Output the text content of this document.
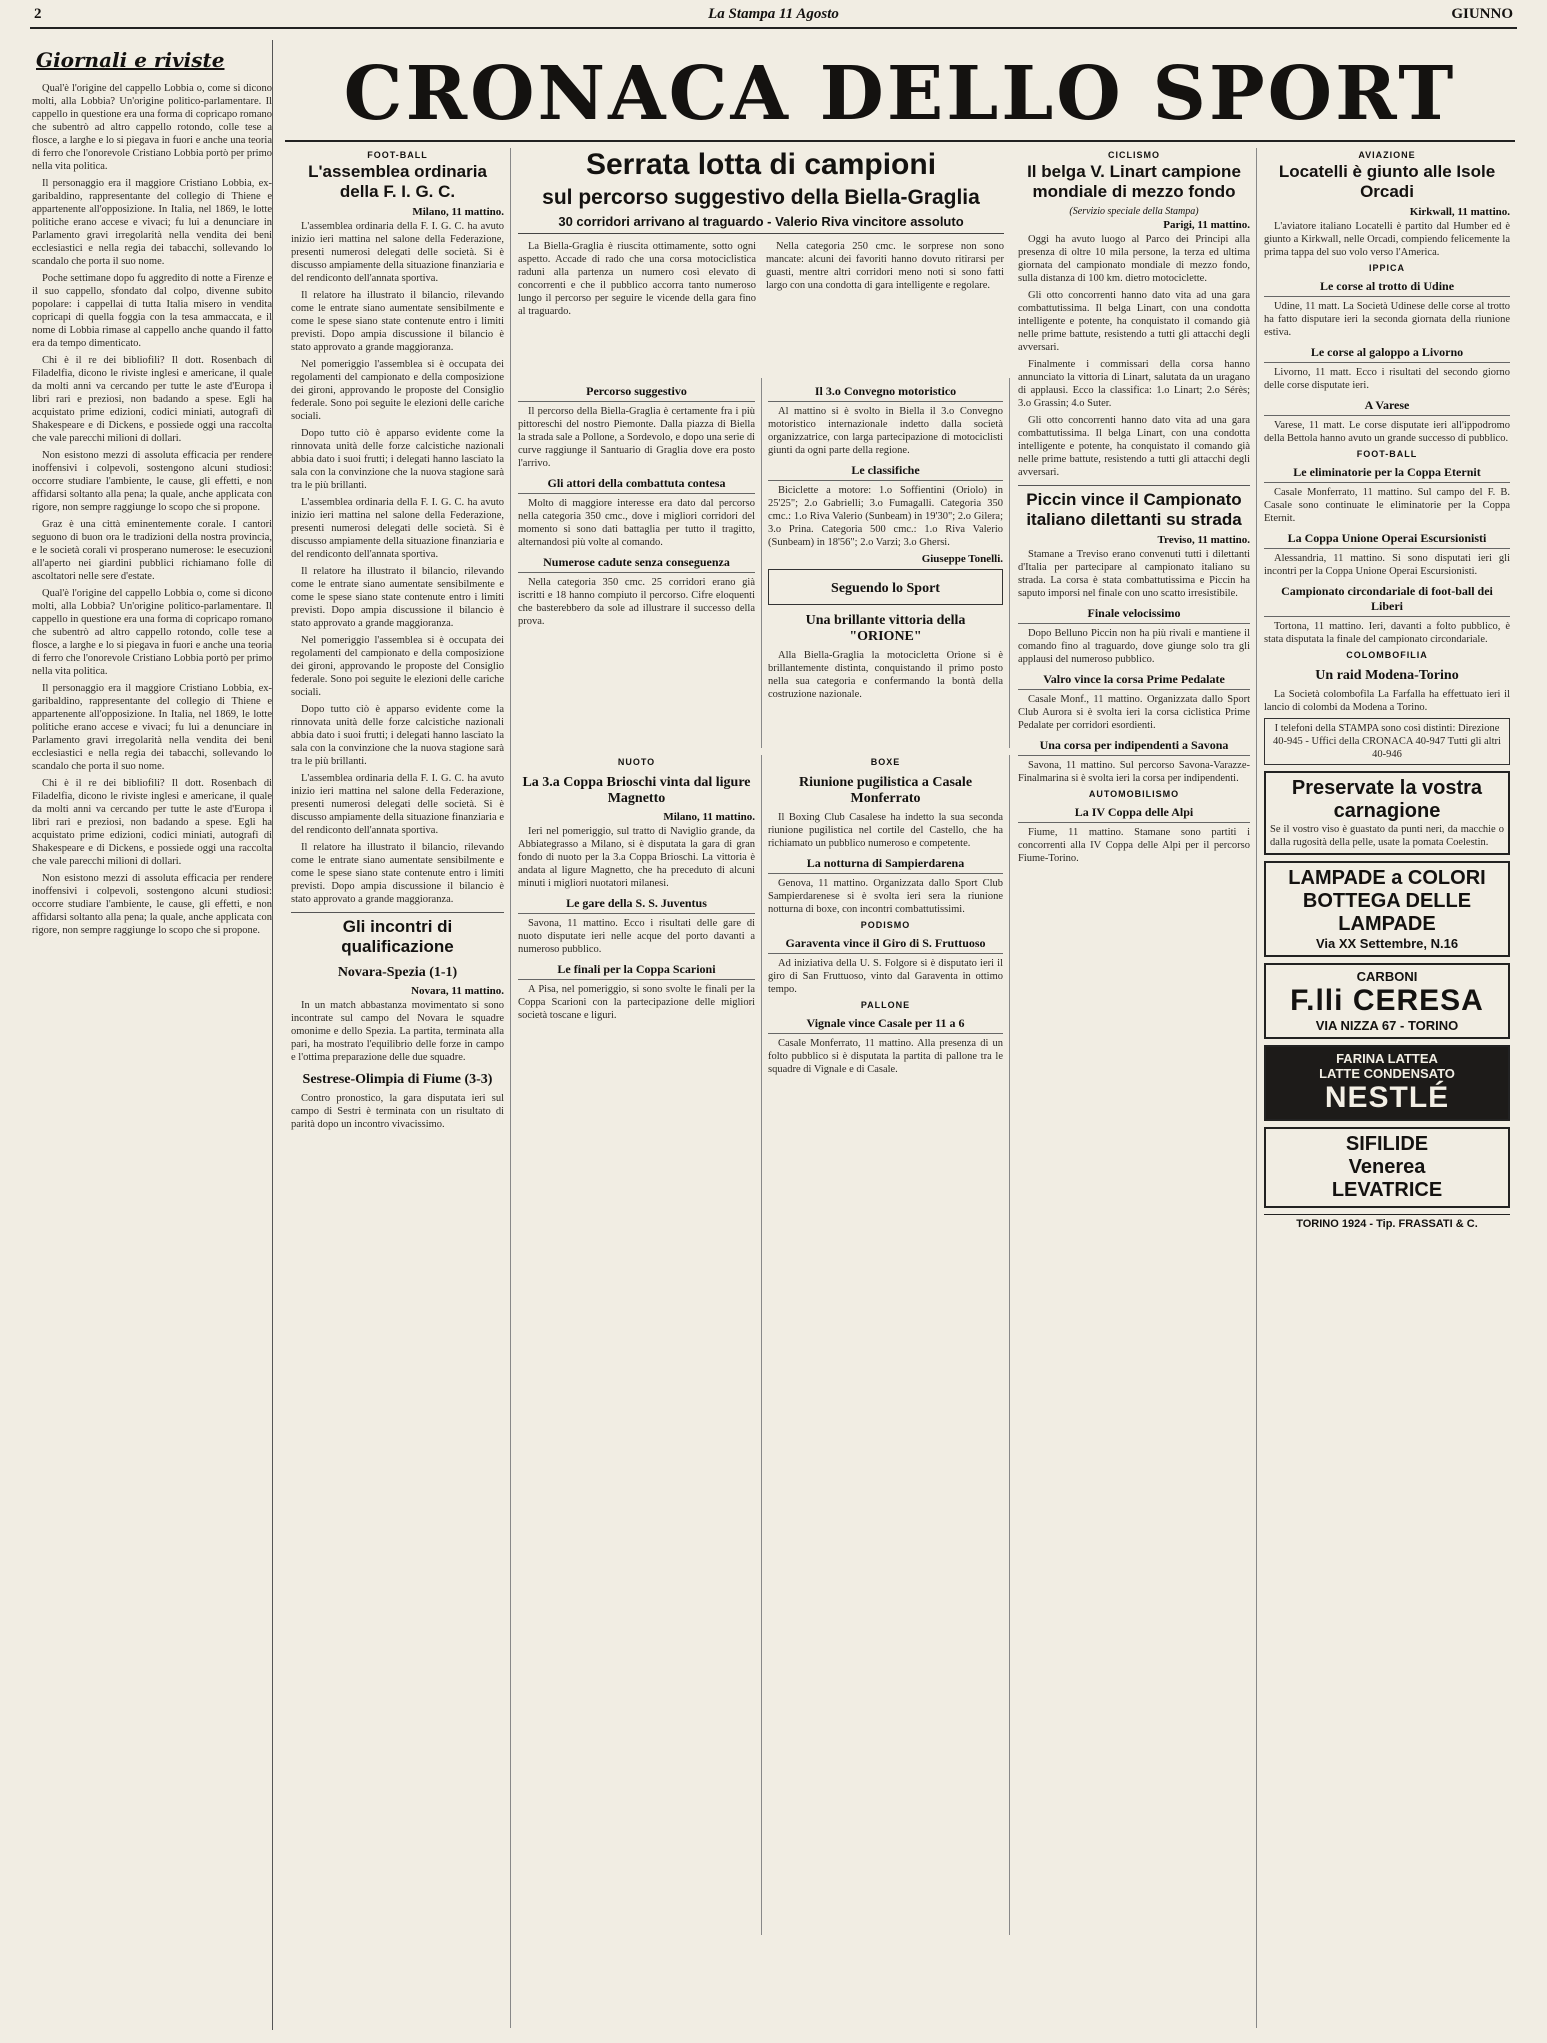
2	La Stampa 11 Agosto	GIUNNO
Giornali e riviste

Qual'è l'origine del cappello Lobbia o, come si dicono molti, alla Lobbia? Un'origine politico-parlamentare. Il cappello in questione era una forma di copricapo romano che subentrò ad altro cappello rotondo, colle tese a flosce, a larghe e lo si piegava in fuori e anche una teoria di ferro che l'onorevole Cristiano Lobbia portò per primo nella vita politica.

Il personaggio era il maggiore Cristiano Lobbia, ex-garibaldino, rappresentante del collegio di Thiene e appartenente all'opposizione. In Italia, nel 1869, le lotte politiche erano accese e vivaci; fu lui a denunciare in Parlamento gravi irregolarità nella vendita dei beni ecclesiastici e nella regìa dei tabacchi, sollevando lo scandalo che porta il suo nome.

Poche settimane dopo fu aggredito di notte a Firenze e il suo cappello, sfondato dal colpo, divenne subito popolare: i cappellai di tutta Italia misero in vendita copricapi di quella foggia con la tesa ammaccata, e il nome di Lobbia rimase al cappello anche quando il fatto era da tempo dimenticato.

Chi è il re dei bibliofili? Il dott. Rosenbach di Filadelfia, dicono le riviste inglesi e americane, il quale da molti anni va cercando per tutte le aste d'Europa i libri rari e preziosi, non badando a spese. Egli ha acquistato prime edizioni, codici miniati, autografi di Shakespeare e di Dickens, e possiede oggi una raccolta che vale parecchi milioni di dollari.

Non esistono mezzi di assoluta efficacia per rendere inoffensivi i colpevoli, sostengono alcuni studiosi: occorre studiare l'ambiente, le cause, gli effetti, e non affidarsi soltanto alla pena; la quale, anche applicata con rigore, non sempre raggiunge lo scopo che si propone.

Graz è una città eminentemente corale. I cantori seguono di buon ora le tradizioni della nostra provincia, e le società corali vi prosperano numerose: le esecuzioni all'aperto nei giardini pubblici richiamano folle di ascoltatori nelle sere d'estate.

Qual'è l'origine del cappello Lobbia o, come si dicono molti, alla Lobbia? Un'origine politico-parlamentare. Il cappello in questione era una forma di copricapo romano che subentrò ad altro cappello rotondo, colle tese a flosce, a larghe e lo si piegava in fuori e anche una teoria di ferro che l'onorevole Cristiano Lobbia portò per primo nella vita politica.

Il personaggio era il maggiore Cristiano Lobbia, ex-garibaldino, rappresentante del collegio di Thiene e appartenente all'opposizione. In Italia, nel 1869, le lotte politiche erano accese e vivaci; fu lui a denunciare in Parlamento gravi irregolarità nella vendita dei beni ecclesiastici e nella regìa dei tabacchi, sollevando lo scandalo che porta il suo nome.

Chi è il re dei bibliofili? Il dott. Rosenbach di Filadelfia, dicono le riviste inglesi e americane, il quale da molti anni va cercando per tutte le aste d'Europa i libri rari e preziosi, non badando a spese. Egli ha acquistato prime edizioni, codici miniati, autografi di Shakespeare e di Dickens, e possiede oggi una raccolta che vale parecchi milioni di dollari.

Non esistono mezzi di assoluta efficacia per rendere inoffensivi i colpevoli, sostengono alcuni studiosi: occorre studiare l'ambiente, le cause, gli effetti, e non affidarsi soltanto alla pena; la quale, anche applicata con rigore, non sempre raggiunge lo scopo che si propone.

CRONACA DELLO SPORT
FOOT-BALL
L'assemblea ordinaria della F. I. G. C.
Milano, 11 mattino.

L'assemblea ordinaria della F. I. G. C. ha avuto inizio ieri mattina nel salone della Federazione, presenti numerosi delegati delle società. Si è discusso ampiamente della situazione finanziaria e del rendiconto dell'annata sportiva.

Il relatore ha illustrato il bilancio, rilevando come le entrate siano aumentate sensibilmente e come le spese siano state contenute entro i limiti previsti. Dopo ampia discussione il bilancio è stato approvato a grande maggioranza.

Nel pomeriggio l'assemblea si è occupata dei regolamenti del campionato e della composizione dei gironi, approvando le proposte del Consiglio federale. Sono poi seguite le elezioni delle cariche sociali.

Dopo tutto ciò è apparso evidente come la rinnovata unità delle forze calcistiche nazionali abbia dato i suoi frutti; i delegati hanno lasciato la sala con la convinzione che la nuova stagione sarà tra le più brillanti.

L'assemblea ordinaria della F. I. G. C. ha avuto inizio ieri mattina nel salone della Federazione, presenti numerosi delegati delle società. Si è discusso ampiamente della situazione finanziaria e del rendiconto dell'annata sportiva.

Il relatore ha illustrato il bilancio, rilevando come le entrate siano aumentate sensibilmente e come le spese siano state contenute entro i limiti previsti. Dopo ampia discussione il bilancio è stato approvato a grande maggioranza.

Nel pomeriggio l'assemblea si è occupata dei regolamenti del campionato e della composizione dei gironi, approvando le proposte del Consiglio federale. Sono poi seguite le elezioni delle cariche sociali.

Dopo tutto ciò è apparso evidente come la rinnovata unità delle forze calcistiche nazionali abbia dato i suoi frutti; i delegati hanno lasciato la sala con la convinzione che la nuova stagione sarà tra le più brillanti.

L'assemblea ordinaria della F. I. G. C. ha avuto inizio ieri mattina nel salone della Federazione, presenti numerosi delegati delle società. Si è discusso ampiamente della situazione finanziaria e del rendiconto dell'annata sportiva.

Il relatore ha illustrato il bilancio, rilevando come le entrate siano aumentate sensibilmente e come le spese siano state contenute entro i limiti previsti. Dopo ampia discussione il bilancio è stato approvato a grande maggioranza.

Gli incontri di qualificazione
Novara-Spezia (1-1)
Novara, 11 mattino.

In un match abbastanza movimentato si sono incontrate sul campo del Novara le squadre omonime e dello Spezia. La partita, terminata alla pari, ha mostrato l'equilibrio delle forze in campo e l'ottima preparazione delle due squadre.

Sestrese-Olimpia di Fiume (3-3)

Contro pronostico, la gara disputata ieri sul campo di Sestri è terminata con un risultato di parità dopo un incontro vivacissimo.

Serrata lotta di campioni
sul percorso suggestivo della Biella-Graglia
30 corridori arrivano al traguardo - Valerio Riva vincitore assoluto

La Biella-Graglia è riuscita ottimamente, sotto ogni aspetto. Accade di rado che una corsa motociclistica raduni alla partenza un numero così elevato di concorrenti e che il pubblico accorra tanto numeroso lungo il percorso per seguire le vicende della gara fino al traguardo.

Nella categoria 250 cmc. le sorprese non sono mancate: alcuni dei favoriti hanno dovuto ritirarsi per guasti, mentre altri corridori meno noti si sono fatti largo con una condotta di gara intelligente e regolare.

Percorso suggestivo

Il percorso della Biella-Graglia è certamente fra i più pittoreschi del nostro Piemonte. Dalla piazza di Biella la strada sale a Pollone, a Sordevolo, e dopo una serie di curve raggiunge il Santuario di Graglia dove era posto l'arrivo.

Gli attori della combattuta contesa

Molto di maggiore interesse era dato dal percorso nella categoria 350 cmc., dove i migliori corridori del momento si sono dati battaglia per tutto il tragitto, alternandosi più volte al comando.

Numerose cadute senza conseguenza

Nella categoria 350 cmc. 25 corridori erano già iscritti e 18 hanno compiuto il percorso. Cifre eloquenti che basterebbero da sole ad illustrare il successo della prova.

Il 3.o Convegno motoristico

Al mattino si è svolto in Biella il 3.o Convegno motoristico internazionale indetto dalla società organizzatrice, con larga partecipazione di motociclisti giunti da ogni parte della regione.

Le classifiche

Biciclette a motore: 1.o Soffientini (Oriolo) in 25'25"; 2.o Gabrielli; 3.o Fumagalli. Categoria 350 cmc.: 1.o Riva Valerio (Sunbeam) in 19'30"; 2.o Gilera; 3.o Prina. Categoria 500 cmc.: 1.o Riva Valerio (Sunbeam) in 18'56"; 2.o Varzi; 3.o Ghersi.

Giuseppe Tonelli.
Seguendo lo Sport
Una brillante vittoria della "ORIONE"

Alla Biella-Graglia la motocicletta Orione si è brillantemente distinta, conquistando il primo posto nella sua categoria e confermando la bontà della costruzione nazionale.

NUOTO
La 3.a Coppa Brioschi vinta dal ligure Magnetto
Milano, 11 mattino.

Ieri nel pomeriggio, sul tratto di Naviglio grande, da Abbiategrasso a Milano, si è disputata la gara di gran fondo di nuoto per la 3.a Coppa Brioschi. La vittoria è andata al ligure Magnetto, che ha preceduto di alcuni minuti i migliori nuotatori milanesi.

Le gare della S. S. Juventus

Savona, 11 mattino. Ecco i risultati delle gare di nuoto disputate ieri nelle acque del porto davanti a numeroso pubblico.

Le finali per la Coppa Scarioni

A Pisa, nel pomeriggio, si sono svolte le finali per la Coppa Scarioni con la partecipazione delle migliori società toscane e liguri.

BOXE
Riunione pugilistica a Casale Monferrato

Il Boxing Club Casalese ha indetto la sua seconda riunione pugilistica nel cortile del Castello, che ha richiamato un pubblico numeroso e competente.

La notturna di Sampierdarena

Genova, 11 mattino. Organizzata dallo Sport Club Sampierdarenese si è svolta ieri sera la riunione notturna di boxe, con incontri combattutissimi.

PODISMO
Garaventa vince il Giro di S. Fruttuoso

Ad iniziativa della U. S. Folgore si è disputato ieri il giro di San Fruttuoso, vinto dal Garaventa in ottimo tempo.

PALLONE
Vignale vince Casale per 11 a 6

Casale Monferrato, 11 mattino. Alla presenza di un folto pubblico si è disputata la partita di pallone tra le squadre di Vignale e di Casale.

CICLISMO
Il belga V. Linart campione mondiale di mezzo fondo
(Servizio speciale della Stampa)
Parigi, 11 mattino.

Oggi ha avuto luogo al Parco dei Principi alla presenza di oltre 10 mila persone, la terza ed ultima giornata del campionato mondiale di mezzo fondo, sulla distanza di 100 km. dietro motociclette.

Gli otto concorrenti hanno dato vita ad una gara combattutissima. Il belga Linart, con una condotta intelligente e potente, ha conquistato il comando già nelle prime battute, resistendo a tutti gli attacchi degli avversari.

Finalmente i commissari della corsa hanno annunciato la vittoria di Linart, salutata da un uragano di applausi. Ecco la classifica: 1.o Linart; 2.o Sérès; 3.o Grassin; 4.o Suter.

Gli otto concorrenti hanno dato vita ad una gara combattutissima. Il belga Linart, con una condotta intelligente e potente, ha conquistato il comando già nelle prime battute, resistendo a tutti gli attacchi degli avversari.

Piccin vince il Campionato italiano dilettanti su strada
Treviso, 11 mattino.

Stamane a Treviso erano convenuti tutti i dilettanti d'Italia per partecipare al campionato italiano su strada. La corsa è stata combattutissima e Piccin ha saputo imporsi nel finale con uno scatto irresistibile.

Finale velocissimo

Dopo Belluno Piccin non ha più rivali e mantiene il comando fino al traguardo, dove giunge solo tra gli applausi del numeroso pubblico.

Valro vince la corsa Prime Pedalate

Casale Monf., 11 mattino. Organizzata dallo Sport Club Aurora si è svolta ieri la corsa ciclistica Prime Pedalate per corridori esordienti.

Una corsa per indipendenti a Savona

Savona, 11 mattino. Sul percorso Savona-Varazze-Finalmarina si è svolta ieri la corsa per indipendenti.

AUTOMOBILISMO
La IV Coppa delle Alpi

Fiume, 11 mattino. Stamane sono partiti i concorrenti alla IV Coppa delle Alpi per il percorso Fiume-Torino.

AVIAZIONE
Locatelli è giunto alle Isole Orcadi
Kirkwall, 11 mattino.

L'aviatore italiano Locatelli è partito dal Humber ed è giunto a Kirkwall, nelle Orcadi, compiendo felicemente la prima tappa del suo volo verso l'America.

IPPICA
Le corse al trotto di Udine

Udine, 11 matt. La Società Udinese delle corse al trotto ha fatto disputare ieri la seconda giornata della riunione estiva.

Le corse al galoppo a Livorno

Livorno, 11 matt. Ecco i risultati del secondo giorno delle corse disputate ieri.

A Varese

Varese, 11 matt. Le corse disputate ieri all'ippodromo della Bettola hanno avuto un grande successo di pubblico.

FOOT-BALL
Le eliminatorie per la Coppa Eternit

Casale Monferrato, 11 mattino. Sul campo del F. B. Casale sono continuate le eliminatorie per la Coppa Eternit.

La Coppa Unione Operai Escursionisti

Alessandria, 11 mattino. Si sono disputati ieri gli incontri per la Coppa Unione Operai Escursionisti.

Campionato circondariale di foot-ball dei Liberi

Tortona, 11 mattino. Ieri, davanti a folto pubblico, è stata disputata la finale del campionato circondariale.

COLOMBOFILIA
Un raid Modena-Torino

La Società colombofila La Farfalla ha effettuato ieri il lancio di colombi da Modena a Torino.

I telefoni della STAMPA sono così distinti: Direzione 40-945 - Uffici della CRONACA 40-947 Tutti gli altri 40-946
Preservate la vostra carnagione
Se il vostro viso è guastato da punti neri, da macchie o dalla rugosità della pelle, usate la pomata Coelestin.
LAMPADE a COLORI
BOTTEGA DELLE LAMPADE
Via XX Settembre, N.16
CARBONI
F.lli CERESA
VIA NIZZA 67 - TORINO
FARINA LATTEA
LATTE CONDENSATO
NESTLÉ
SIFILIDE
Venerea
LEVATRICE
TORINO 1924 - Tip. FRASSATI & C.
